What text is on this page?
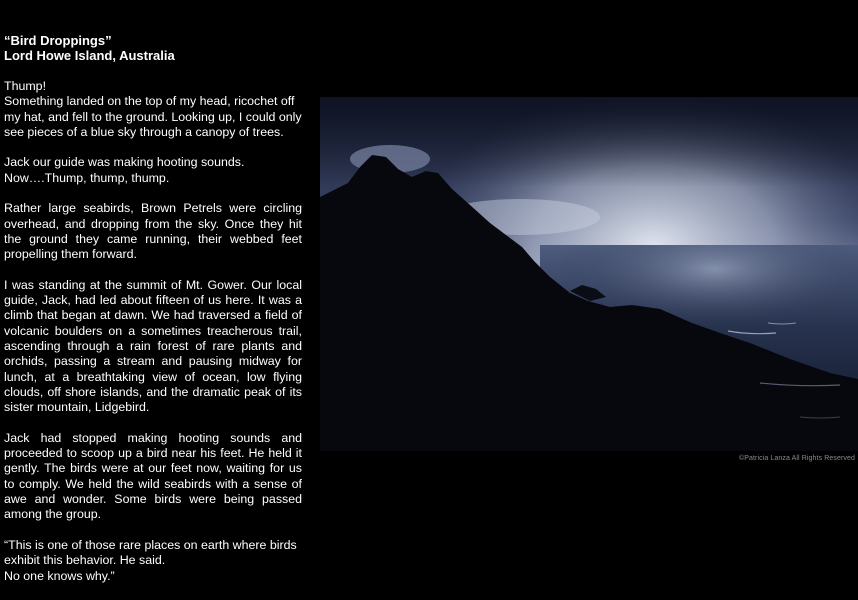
“Bird Droppings”
Lord Howe Island, Australia

Thump!
Something landed on the top of my head, ricochet off my hat, and fell to the ground. Looking up, I could only see pieces of a blue sky through a canopy of trees.

Jack our guide was making hooting sounds.
Now….Thump, thump, thump.

Rather large seabirds, Brown Petrels were circling overhead, and dropping from the sky. Once they hit the ground they came running, their webbed feet propelling them forward.

I was standing at the summit of Mt. Gower. Our local guide, Jack, had led about fifteen of us here. It was a climb that began at dawn. We had traversed a field of volcanic boulders on a sometimes treacherous trail, ascending through a rain forest of rare plants and orchids, passing a stream and pausing midway for lunch, at a breathtaking view of ocean, low flying clouds, off shore islands, and the dramatic peak of its sister mountain, Lidgebird.

Jack had stopped making hooting sounds and proceeded to scoop up a bird near his feet. He held it gently. The birds were at our feet now, waiting for us to comply. We held the wild seabirds with a sense of awe and wonder. Some birds were being passed among the group.

“This is one of those rare places on earth where birds exhibit this behavior. He said.
No one knows why.”

©Patricia Lanza All Rights Reserved
